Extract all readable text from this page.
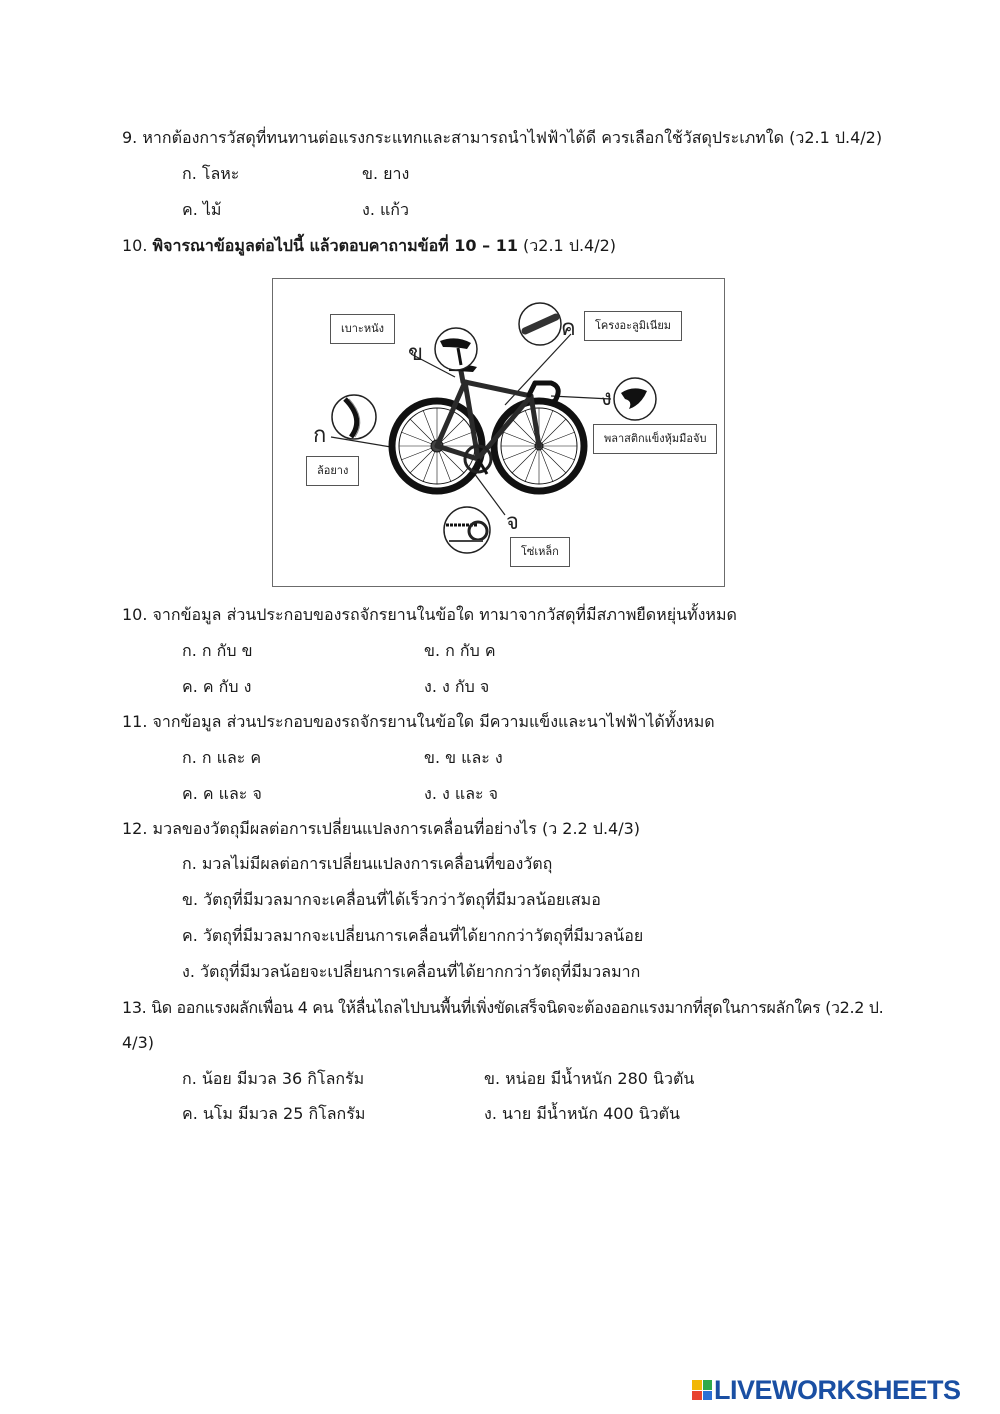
9. หากต้องการวัสดุที่ทนทานต่อแรงกระแทกและสามารถนำไฟฟ้าได้ดี ควรเลือกใช้วัสดุประเภทใด (ว2.1 ป.4/2)
ก. โลหะ	ข. ยาง
ค. ไม้	ง. แก้ว
10. พิจารณาข้อมูลต่อไปนี้ แล้วตอบคาถามข้อที่ 10 – 11 (ว2.1 ป.4/2)
เบาะหนัง	โครงอะลูมิเนียม
พลาสติกแข็งหุ้มมือจับ
ล้อยาง
โซ่เหล็ก
ข
ค
ง
ก
จ
10. จากข้อมูล ส่วนประกอบของรถจักรยานในข้อใด ทามาจากวัสดุที่มีสภาพยืดหยุ่นทั้งหมด
ก. ก กับ ข	ข. ก กับ ค
ค. ค กับ ง	ง. ง กับ จ
11. จากข้อมูล ส่วนประกอบของรถจักรยานในข้อใด มีความแข็งและนาไฟฟ้าได้ทั้งหมด
ก. ก และ ค	ข. ข และ ง
ค. ค และ จ	ง. ง และ จ
12. มวลของวัตถุมีผลต่อการเปลี่ยนแปลงการเคลื่อนที่อย่างไร (ว 2.2 ป.4/3)
ก. มวลไม่มีผลต่อการเปลี่ยนแปลงการเคลื่อนที่ของวัตถุ
ข. วัตถุที่มีมวลมากจะเคลื่อนที่ได้เร็วกว่าวัตถุที่มีมวลน้อยเสมอ
ค. วัตถุที่มีมวลมากจะเปลี่ยนการเคลื่อนที่ได้ยากกว่าวัตถุที่มีมวลน้อย
ง. วัตถุที่มีมวลน้อยจะเปลี่ยนการเคลื่อนที่ได้ยากกว่าวัตถุที่มีมวลมาก
13. นิด ออกแรงผลักเพื่อน 4 คน ให้ลื่นไถลไปบนพื้นที่เพิ่งขัดเสร็จนิดจะต้องออกแรงมากที่สุดในการผลักใคร (ว2.2 ป.
4/3)
ก. น้อย มีมวล 36 กิโลกรัม	ข. หน่อย มีน้ำหนัก 280 นิวตัน
ค. นโม มีมวล 25 กิโลกรัม	ง. นาย มีน้ำหนัก 400 นิวตัน
LIVEWORKSHEETS
